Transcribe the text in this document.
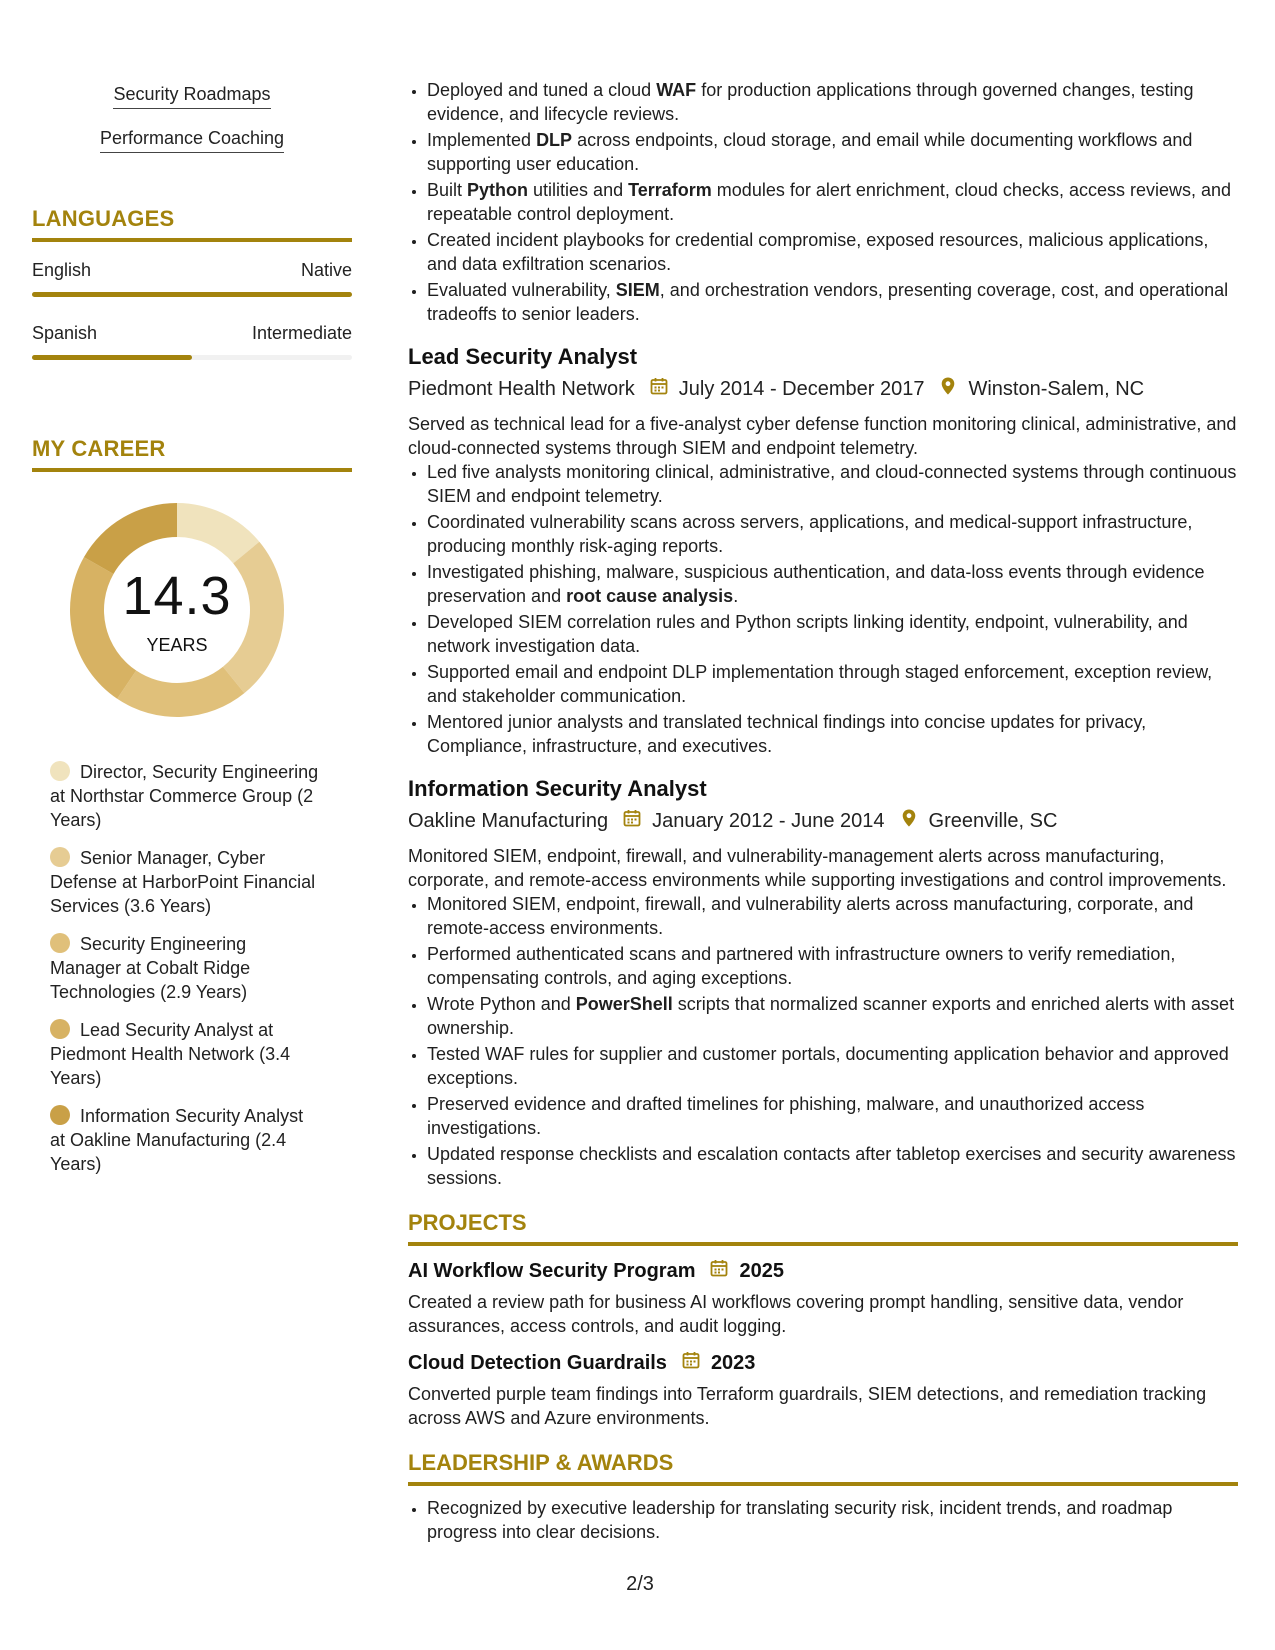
Security Roadmaps
Performance Coaching
LANGUAGES
English	Native
Spanish	Intermediate
MY CAREER
14.3
YEARS
Director, Security Engineering at Northstar Commerce Group (2 Years)
Senior Manager, Cyber Defense at HarborPoint Financial Services (3.6 Years)
Security Engineering Manager at Cobalt Ridge Technologies (2.9 Years)
Lead Security Analyst at Piedmont Health Network (3.4 Years)
Information Security Analyst at Oakline Manufacturing (2.4 Years)
• Deployed and tuned a cloud WAF for production applications through governed changes, testing evidence, and lifecycle reviews.
• Implemented DLP across endpoints, cloud storage, and email while documenting workflows and supporting user education.
• Built Python utilities and Terraform modules for alert enrichment, cloud checks, access reviews, and repeatable control deployment.
• Created incident playbooks for credential compromise, exposed resources, malicious applications, and data exfiltration scenarios.
• Evaluated vulnerability, SIEM, and orchestration vendors, presenting coverage, cost, and operational tradeoffs to senior leaders.
Lead Security Analyst
Piedmont Health Network July 2014 - December 2017 Winston-Salem, NC
Served as technical lead for a five-analyst cyber defense function monitoring clinical, administrative, and cloud-connected systems through SIEM and endpoint telemetry.
• Led five analysts monitoring clinical, administrative, and cloud-connected systems through continuous SIEM and endpoint telemetry.
• Coordinated vulnerability scans across servers, applications, and medical-support infrastructure, producing monthly risk-aging reports.
• Investigated phishing, malware, suspicious authentication, and data-loss events through evidence preservation and root cause analysis.
• Developed SIEM correlation rules and Python scripts linking identity, endpoint, vulnerability, and network investigation data.
• Supported email and endpoint DLP implementation through staged enforcement, exception review, and stakeholder communication.
• Mentored junior analysts and translated technical findings into concise updates for privacy, Compliance, infrastructure, and executives.
Information Security Analyst
Oakline Manufacturing January 2012 - June 2014 Greenville, SC
Monitored SIEM, endpoint, firewall, and vulnerability-management alerts across manufacturing, corporate, and remote-access environments while supporting investigations and control improvements.
• Monitored SIEM, endpoint, firewall, and vulnerability alerts across manufacturing, corporate, and remote-access environments.
• Performed authenticated scans and partnered with infrastructure owners to verify remediation, compensating controls, and aging exceptions.
• Wrote Python and PowerShell scripts that normalized scanner exports and enriched alerts with asset ownership.
• Tested WAF rules for supplier and customer portals, documenting application behavior and approved exceptions.
• Preserved evidence and drafted timelines for phishing, malware, and unauthorized access investigations.
• Updated response checklists and escalation contacts after tabletop exercises and security awareness sessions.
PROJECTS
AI Workflow Security Program 2025
Created a review path for business AI workflows covering prompt handling, sensitive data, vendor assurances, access controls, and audit logging.
Cloud Detection Guardrails 2023
Converted purple team findings into Terraform guardrails, SIEM detections, and remediation tracking across AWS and Azure environments.
LEADERSHIP & AWARDS
• Recognized by executive leadership for translating security risk, incident trends, and roadmap progress into clear decisions.
2/3
